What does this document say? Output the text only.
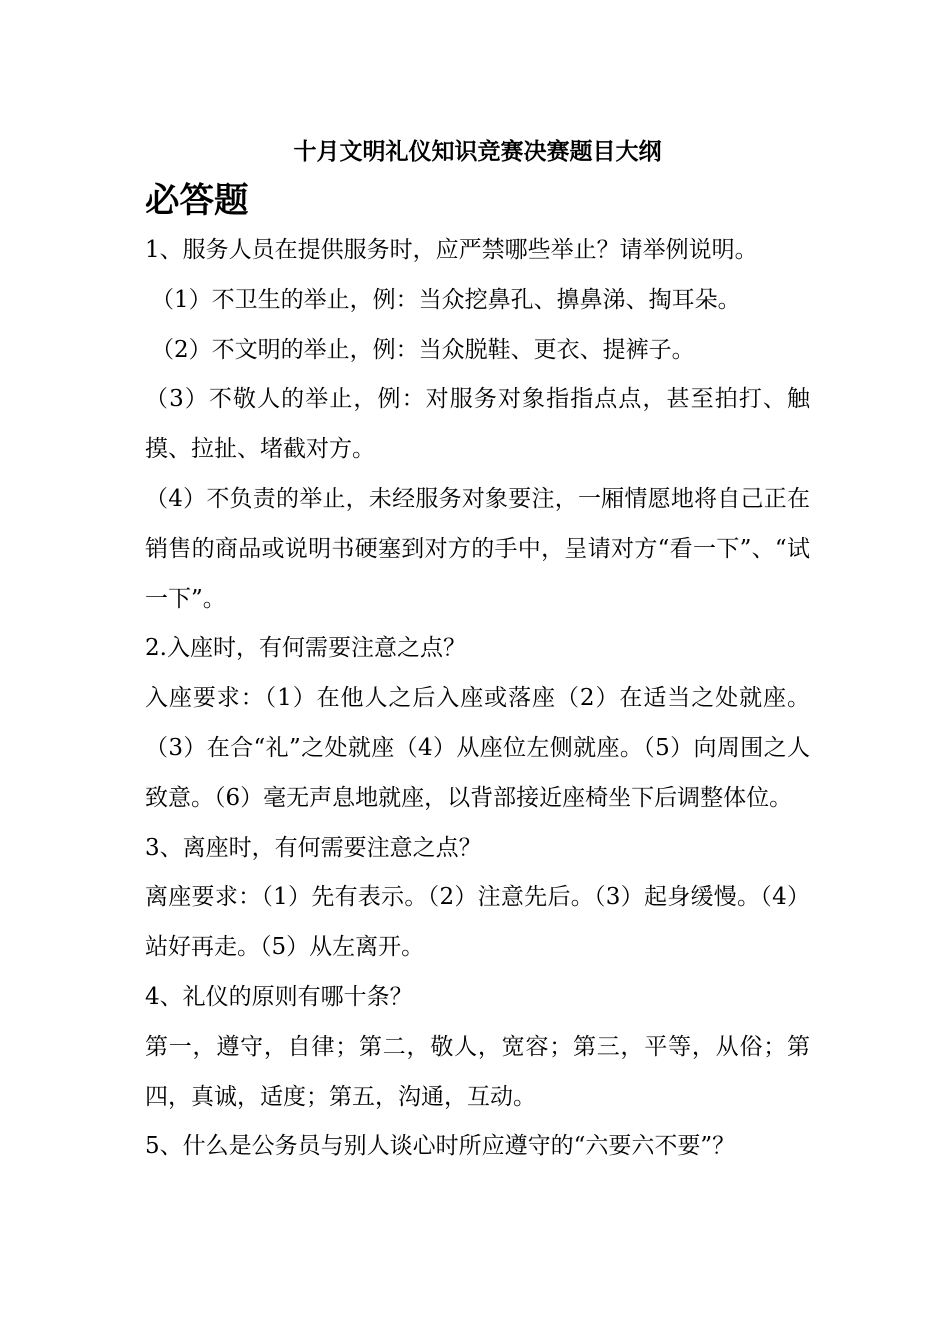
十月文明礼仪知识竞赛决赛题目大纲
必答题

1、服务人员在提供服务时，应严禁哪些举止？请举例说明。

（1）不卫生的举止，例：当众挖鼻孔、擤鼻涕、掏耳朵。

（2）不文明的举止，例：当众脱鞋、更衣、提裤子。

（3）不敬人的举止，例：对服务对象指指点点，甚至拍打、触摸、拉扯、堵截对方。

（4）不负责的举止，未经服务对象要注，一厢情愿地将自己正在销售的商品或说明书硬塞到对方的手中，呈请对方“看一下”、“试一下”。

2.入座时，有何需要注意之点？

入座要求：（1）在他人之后入座或落座（2）在适当之处就座。（3）在合“礼”之处就座（4）从座位左侧就座。（5）向周围之人致意。（6）毫无声息地就座，以背部接近座椅坐下后调整体位。

3、离座时，有何需要注意之点？

离座要求：（1）先有表示。（2）注意先后。（3）起身缓慢。（4）站好再走。（5）从左离开。

4、礼仪的原则有哪十条？

第一，遵守，自律；第二，敬人，宽容；第三，平等，从俗；第四，真诚，适度；第五，沟通，互动。

5、什么是公务员与别人谈心时所应遵守的“六要六不要”？
